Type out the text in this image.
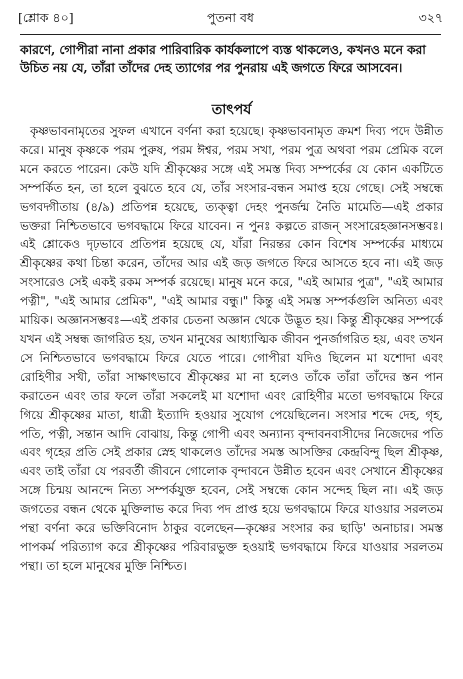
[শ্লোক ৪০]	পুতনা বধ	৩২৭
কারণে, গোপীরা নানা প্রকার পারিবারিক কার্যকলাপে ব্যস্ত থাকলেও, কখনও মনে করা উচিত নয় যে, তাঁরা তাঁদের দেহ ত্যাগের পর পুনরায় এই জগতে ফিরে আসবেন।
তাৎপর্য

কৃষ্ণভাবনামৃতের সুফল এখানে বর্ণনা করা হয়েছে। কৃষ্ণভাবনামৃত ক্রমশ দিব্য পদে উন্নীত করে। মানুষ কৃষ্ণকে পরম পুরুষ, পরম ঈশ্বর, পরম সখা, পরম পুত্র অথবা পরম প্রেমিক বলে মনে করতে পারেন। কেউ যদি শ্রীকৃষ্ণের সঙ্গে এই সমস্ত দিব্য সম্পর্কের যে কোন একটিতে সম্পর্কিত হন, তা হলে বুঝতে হবে যে, তাঁর সংসার-বন্ধন সমাপ্ত হয়ে গেছে। সেই সম্বন্ধে ভগবদ্গীতায় (৪/৯) প্রতিপন্ন হয়েছে, ত্যক্ত্বা দেহং পুনর্জন্ম নৈতি মামেতি—এই প্রকার ভক্তরা নিশ্চিতভাবে ভগবদ্ধামে ফিরে যাবেন। ন পুনঃ কল্পতে রাজন্ সংসারেহজ্ঞানসম্ভবঃ। এই শ্লোকেও দৃঢ়ভাবে প্রতিপন্ন হয়েছে যে, যাঁরা নিরন্তর কোন বিশেষ সম্পর্কের মাধ্যমে শ্রীকৃষ্ণের কথা চিন্তা করেন, তাঁদের আর এই জড় জগতে ফিরে আসতে হবে না। এই জড় সংসারেও সেই একই রকম সম্পর্ক রয়েছে। মানুষ মনে করে, "এই আমার পুত্র", "এই আমার পত্নী", "এই আমার প্রেমিক", "এই আমার বন্ধু।" কিন্তু এই সমস্ত সম্পর্কগুলি অনিত্য এবং মায়িক। অজ্ঞানসম্ভবঃ—এই প্রকার চেতনা অজ্ঞান থেকে উদ্ভূত হয়। কিন্তু শ্রীকৃষ্ণের সম্পর্কে যখন এই সম্বন্ধ জাগরিত হয়, তখন মানুষের আধ্যাত্মিক জীবন পুনর্জাগরিত হয়, এবং তখন সে নিশ্চিতভাবে ভগবদ্ধামে ফিরে যেতে পারে। গোপীরা যদিও ছিলেন মা যশোদা এবং রোহিণীর সখী, তাঁরা সাক্ষাৎভাবে শ্রীকৃষ্ণের মা না হলেও তাঁকে তাঁরা তাঁদের স্তন পান করাতেন এবং তার ফলে তাঁরা সকলেই মা যশোদা এবং রোহিণীর মতো ভগবদ্ধামে ফিরে গিয়ে শ্রীকৃষ্ণের মাতা, ধাত্রী ইত্যাদি হওয়ার সুযোগ পেয়েছিলেন। সংসার শব্দে দেহ, গৃহ, পতি, পত্নী, সন্তান আদি বোঝায়, কিন্তু গোপী এবং অন্যান্য বৃন্দাবনবাসীদের নিজেদের পতি এবং গৃহের প্রতি সেই প্রকার স্নেহ থাকলেও তাঁদের সমস্ত আসক্তির কেন্দ্রবিন্দু ছিল শ্রীকৃষ্ণ, এবং তাই তাঁরা যে পরবর্তী জীবনে গোলোক বৃন্দাবনে উন্নীত হবেন এবং সেখানে শ্রীকৃষ্ণের সঙ্গে চিন্ময় আনন্দে নিত্য সম্পর্কযুক্ত হবেন, সেই সম্বন্ধে কোন সন্দেহ ছিল না। এই জড় জগতের বন্ধন থেকে মুক্তিলাভ করে দিব্য পদ প্রাপ্ত হয়ে ভগবদ্ধামে ফিরে যাওয়ার সরলতম পন্থা বর্ণনা করে ভক্তিবিনোদ ঠাকুর বলেছেন—কৃষ্ণের সংসার কর ছাড়ি' অনাচার। সমস্ত পাপকর্ম পরিত্যাগ করে শ্রীকৃষ্ণের পরিবারভুক্ত হওয়াই ভগবদ্ধামে ফিরে যাওয়ার সরলতম পন্থা। তা হলে মানুষের মুক্তি নিশ্চিত।
